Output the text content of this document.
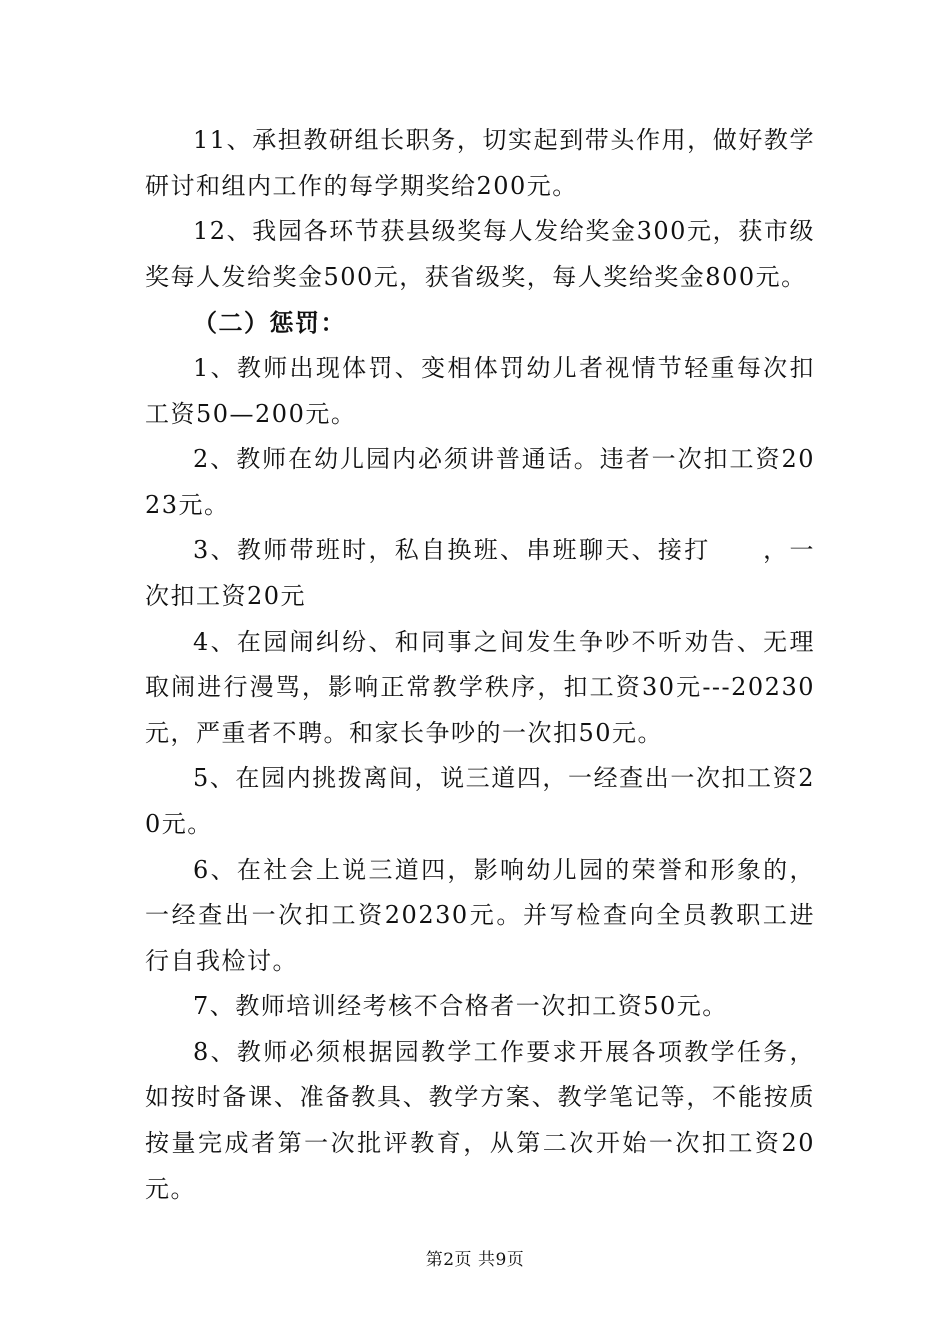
11、承担教研组长职务，切实起到带头作用，做好教学研讨和组内工作的每学期奖给200元。

12、我园各环节获县级奖每人发给奖金300元，获市级奖每人发给奖金500元，获省级奖，每人奖给奖金800元。

（二）惩罚：

1、教师出现体罚、变相体罚幼儿者视情节轻重每次扣工资50—200元。

2、教师在幼儿园内必须讲普通话。违者一次扣工资2023元。

3、教师带班时，私自换班、串班聊天、接打　　，一次扣工资20元

4、在园闹纠纷、和同事之间发生争吵不听劝告、无理取闹进行漫骂，影响正常教学秩序，扣工资30元---20230元，严重者不聘。和家长争吵的一次扣50元。

5、在园内挑拨离间，说三道四，一经查出一次扣工资20元。

6、在社会上说三道四，影响幼儿园的荣誉和形象的，一经查出一次扣工资20230元。并写检查向全员教职工进行自我检讨。

7、教师培训经考核不合格者一次扣工资50元。

8、教师必须根据园教学工作要求开展各项教学任务，如按时备课、准备教具、教学方案、教学笔记等，不能按质按量完成者第一次批评教育，从第二次开始一次扣工资20元。

第2页 共9页
